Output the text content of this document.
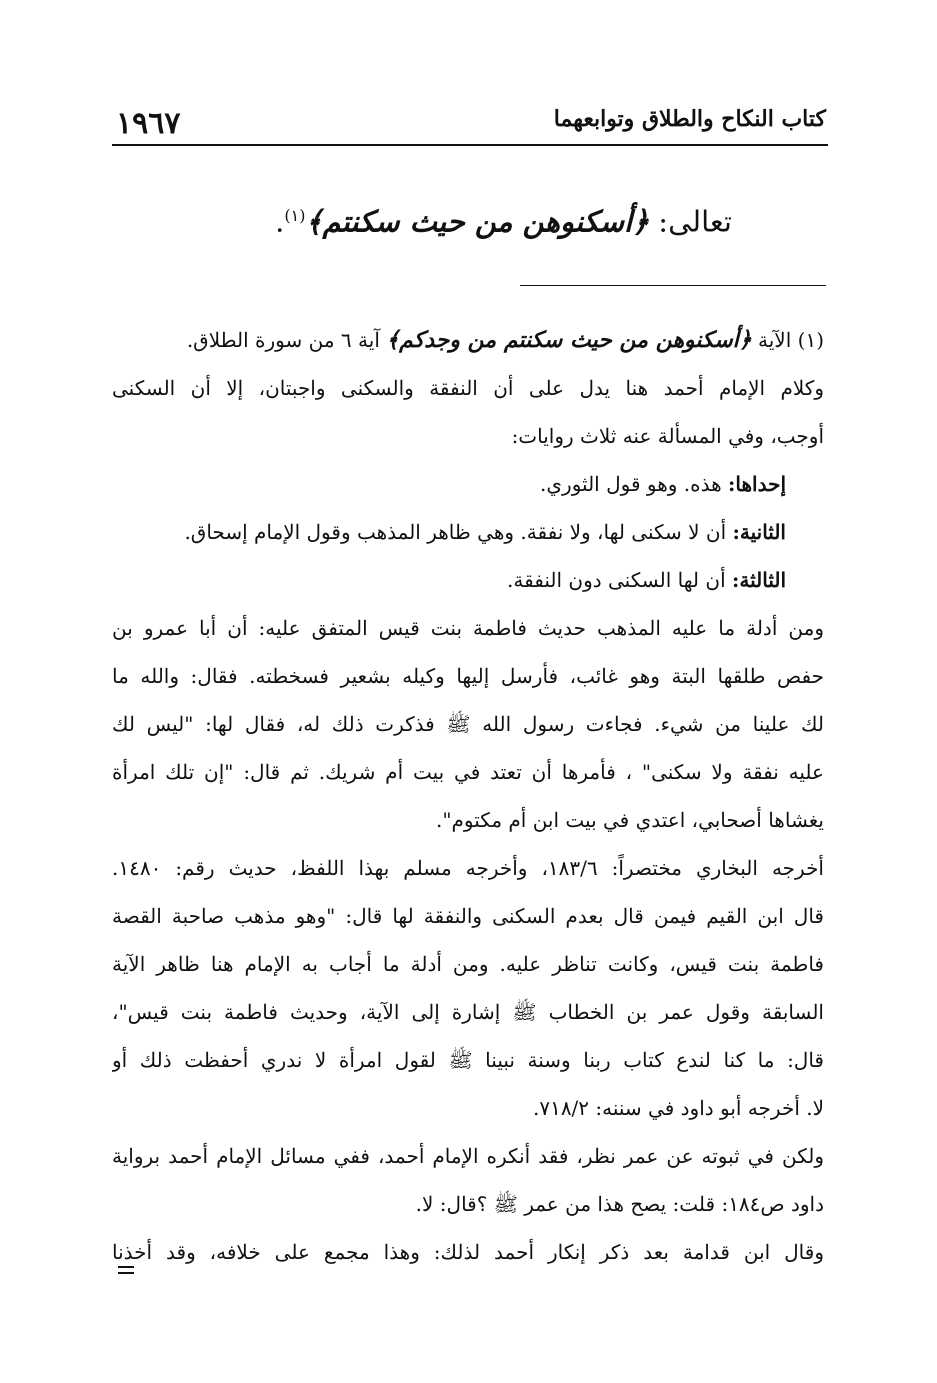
١٩٦٧	كتاب النكاح والطلاق وتوابعهما
تعالى: ﴿أسكنوهن من حيث سكنتم﴾$^{(١)}$.
(١) الآية ﴿أسكنوهن من حيث سكنتم من وجدكم﴾ آية ٦ من سورة الطلاق.
وكلام الإمام أحمد هنا يدل على أن النفقة والسكنى واجبتان، إلا أن السكنى
أوجب، وفي المسألة عنه ثلاث روايات:
إحداها: هذه. وهو قول الثوري.
الثانية: أن لا سكنى لها، ولا نفقة. وهي ظاهر المذهب وقول الإمام إسحاق.
الثالثة: أن لها السكنى دون النفقة.
ومن أدلة ما عليه المذهب حديث فاطمة بنت قيس المتفق عليه: أن أبا عمرو بن
حفص طلقها البتة وهو غائب، فأرسل إليها وكيله بشعير فسخطته. فقال: والله ما
لك علينا من شيء. فجاءت رسول الله ﷺ فذكرت ذلك له، فقال لها: "ليس لك
عليه نفقة ولا سكنى" ، فأمرها أن تعتد في بيت أم شريك. ثم قال: "إن تلك امرأة
يغشاها أصحابي، اعتدي في بيت ابن أم مكتوم".
أخرجه البخاري مختصراً: ١٨٣/٦، وأخرجه مسلم بهذا اللفظ، حديث رقم: ١٤٨٠.
قال ابن القيم فيمن قال بعدم السكنى والنفقة لها قال: "وهو مذهب صاحبة القصة
فاطمة بنت قيس، وكانت تناظر عليه. ومن أدلة ما أجاب به الإمام هنا ظاهر الآية
السابقة وقول عمر بن الخطاب ﷺ إشارة إلى الآية، وحديث فاطمة بنت قيس"،
قال: ما كنا لندع كتاب ربنا وسنة نبينا ﷺ لقول امرأة لا ندري أحفظت ذلك أو
لا. أخرجه أبو داود في سننه: ٧١٨/٢.
ولكن في ثبوته عن عمر نظر، فقد أنكره الإمام أحمد، ففي مسائل الإمام أحمد برواية
داود ص١٨٤: قلت: يصح هذا من عمر ﷺ ؟قال: لا.
وقال ابن قدامة بعد ذكر إنكار أحمد لذلك: وهذا مجمع على خلافه، وقد أخذنا
